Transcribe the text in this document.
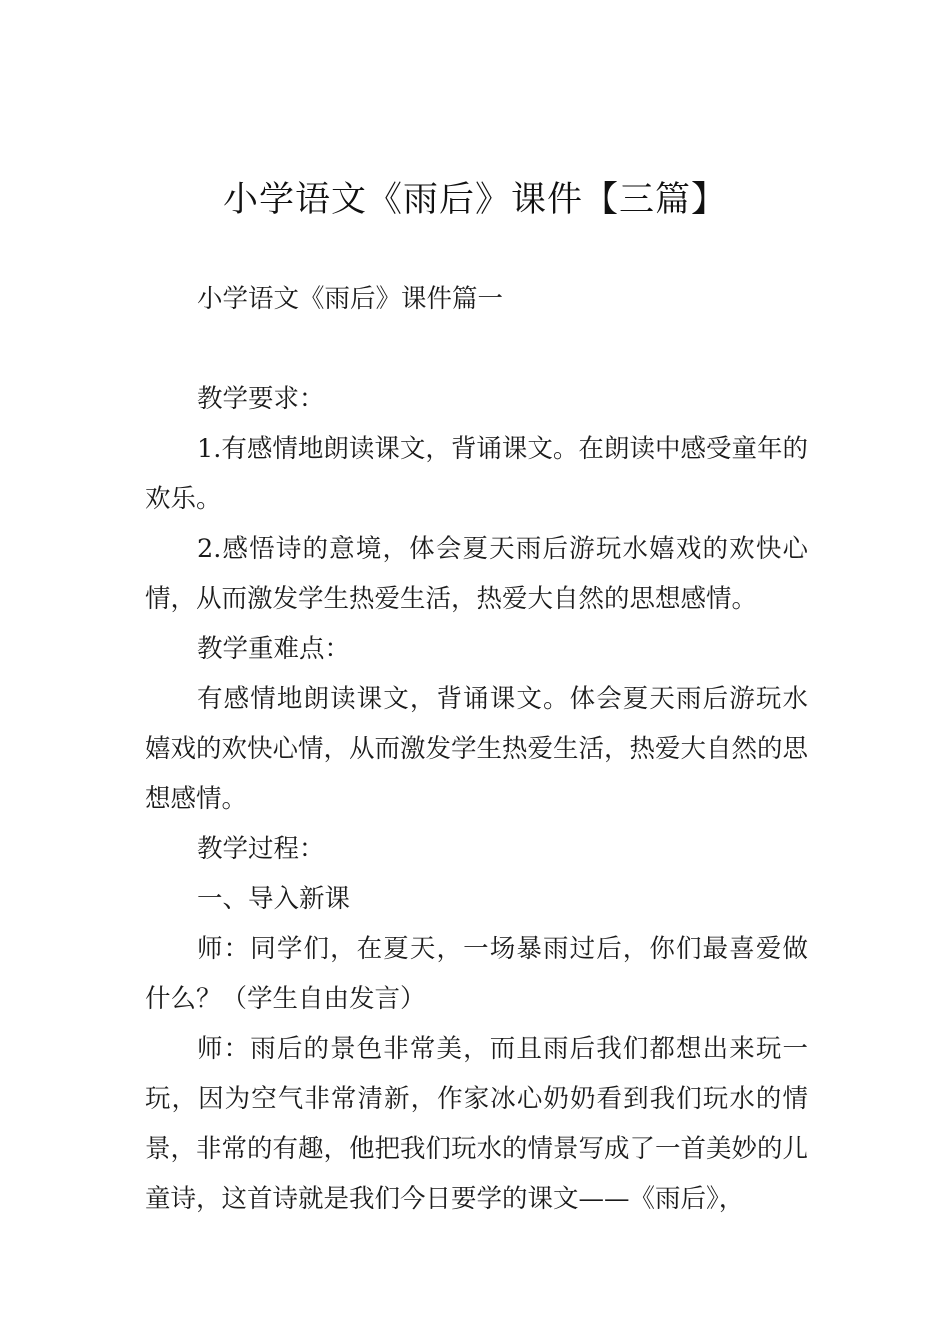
小学语文《雨后》课件【三篇】

小学语文《雨后》课件篇一

教学要求：

1.有感情地朗读课文，背诵课文。在朗读中感受童年的欢乐。

2.感悟诗的意境，体会夏天雨后游玩水嬉戏的欢快心情，从而激发学生热爱生活，热爱大自然的思想感情。

教学重难点：

有感情地朗读课文，背诵课文。体会夏天雨后游玩水嬉戏的欢快心情，从而激发学生热爱生活，热爱大自然的思想感情。

教学过程：

一、导入新课

师：同学们，在夏天，一场暴雨过后，你们最喜爱做什么？（学生自由发言）

师：雨后的景色非常美，而且雨后我们都想出来玩一玩，因为空气非常清新，作家冰心奶奶看到我们玩水的情景，非常的有趣，他把我们玩水的情景写成了一首美妙的儿童诗，这首诗就是我们今日要学的课文——《雨后》，
